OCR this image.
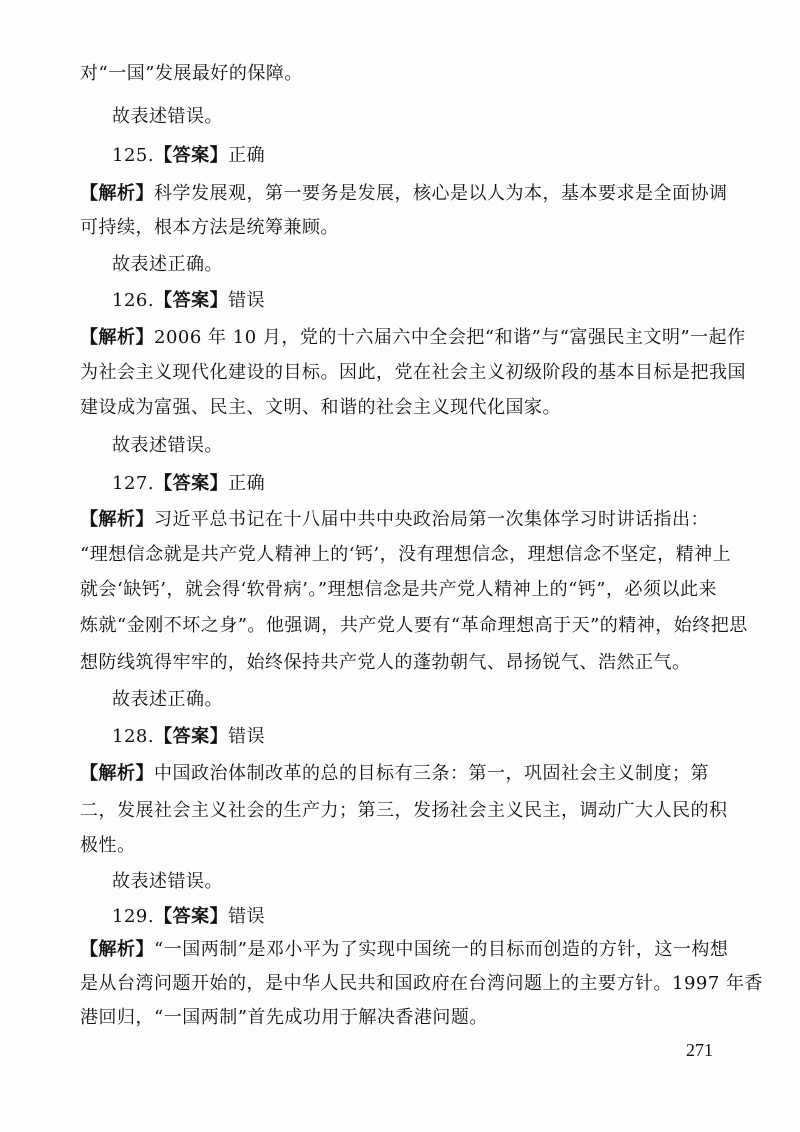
对“一国”发展最好的保障。
故表述错误。
125.【答案】正确
【解析】科学发展观，第一要务是发展，核心是以人为本，基本要求是全面协调
可持续，根本方法是统筹兼顾。
故表述正确。
126.【答案】错误
【解析】2006 年 10 月，党的十六届六中全会把“和谐”与“富强民主文明”一起作
为社会主义现代化建设的目标。因此，党在社会主义初级阶段的基本目标是把我国
建设成为富强、民主、文明、和谐的社会主义现代化国家。
故表述错误。
127.【答案】正确
【解析】习近平总书记在十八届中共中央政治局第一次集体学习时讲话指出：
“理想信念就是共产党人精神上的‘钙’，没有理想信念，理想信念不坚定，精神上
就会‘缺钙’，就会得‘软骨病’。”理想信念是共产党人精神上的“钙”，必须以此来
炼就“金刚不坏之身”。他强调，共产党人要有“革命理想高于天”的精神，始终把思
想防线筑得牢牢的，始终保持共产党人的蓬勃朝气、昂扬锐气、浩然正气。
故表述正确。
128.【答案】错误
【解析】中国政治体制改革的总的目标有三条：第一，巩固社会主义制度；第
二，发展社会主义社会的生产力；第三，发扬社会主义民主，调动广大人民的积
极性。
故表述错误。
129.【答案】错误
【解析】“一国两制”是邓小平为了实现中国统一的目标而创造的方针，这一构想
是从台湾问题开始的，是中华人民共和国政府在台湾问题上的主要方针。1997 年香
港回归，“一国两制”首先成功用于解决香港问题。
271
